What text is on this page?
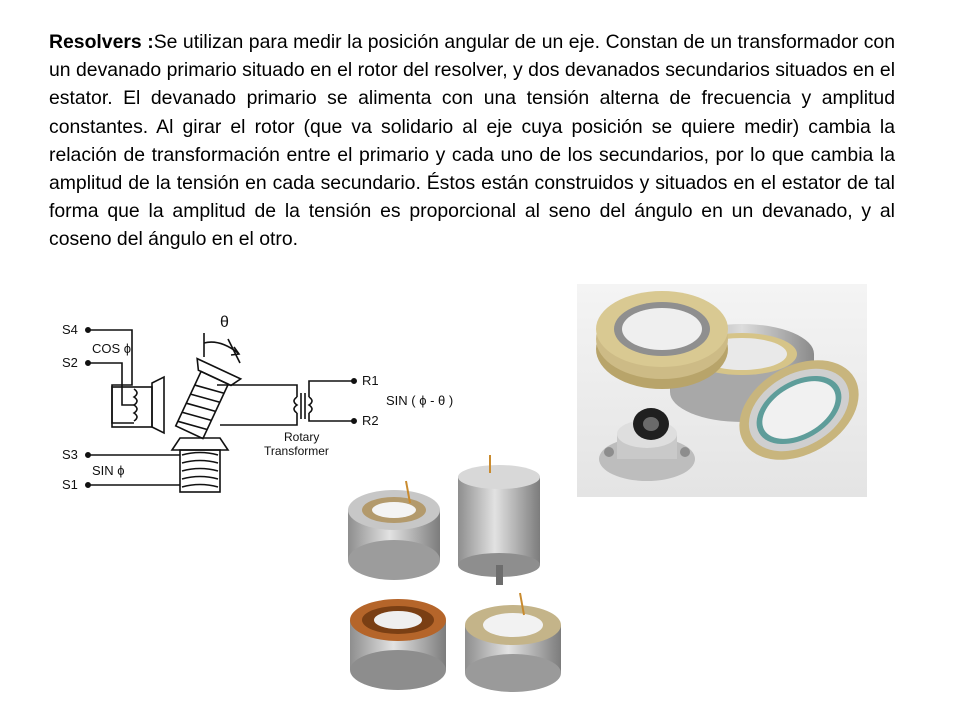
Resolvers :Se utilizan para medir la posición angular de un eje. Constan de un transformador con un devanado primario situado en el rotor del resolver, y dos devanados secundarios situados en el estator. El devanado primario se alimenta con una tensión alterna de frecuencia y amplitud constantes. Al girar el rotor (que va solidario al eje cuya posición se quiere medir) cambia la relación de transformación entre el primario y cada uno de los secundarios, por lo que cambia la amplitud de la tensión en cada secundario. Éstos están construidos y situados en el estator de tal forma que la amplitud de la tensión es proporcional al seno del ángulo en un devanado, y al coseno del ángulo en el otro.

S4
S2
COS ϕ
θ
R1
R2
SIN ( ϕ - θ )
Rotary
Transformer
S3
SIN ϕ
S1
